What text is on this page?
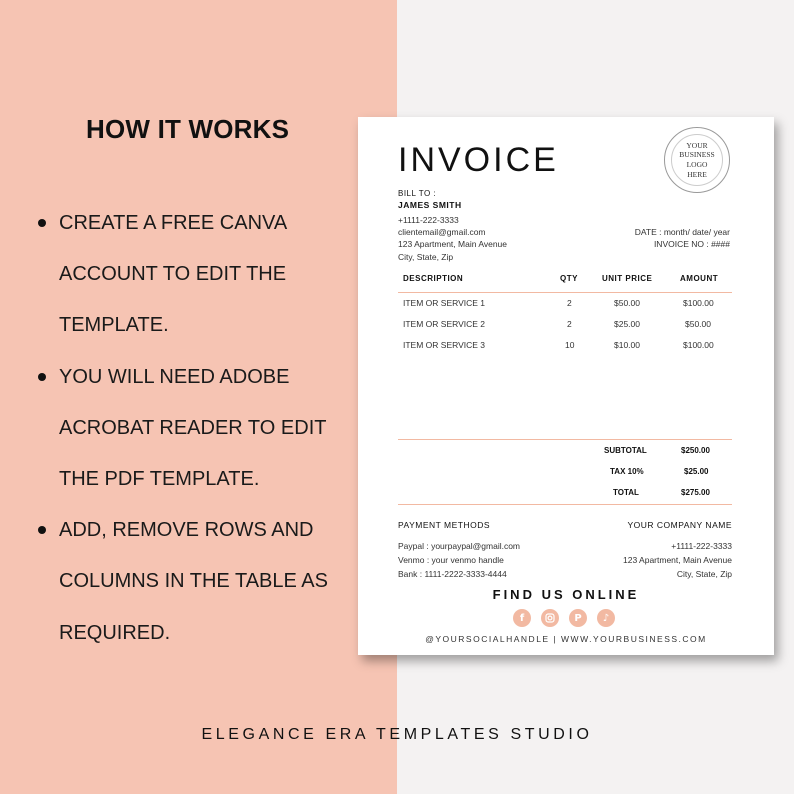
HOW IT WORKS
CREATE A FREE CANVA ACCOUNT TO EDIT THE TEMPLATE.
YOU WILL NEED ADOBE ACROBAT READER TO EDIT THE PDF TEMPLATE.
ADD, REMOVE ROWS AND COLUMNS IN THE TABLE AS REQUIRED.
INVOICE	YOUR BUSINESS LOGO HERE
BILL TO :
JAMES SMITH
+1111-222-3333
clientemail@gmail.com
123 Apartment, Main Avenue
City, State, Zip
DATE : month/ date/ year
INVOICE NO : ####
DESCRIPTION	QTY	UNIT PRICE	AMOUNT
ITEM OR SERVICE 1	2	$50.00	$100.00
ITEM OR SERVICE 2	2	$25.00	$50.00
ITEM OR SERVICE 3	10	$10.00	$100.00
SUBTOTAL	$250.00
TAX 10%	$25.00
TOTAL	$275.00
PAYMENT METHODS
Paypal : yourpaypal@gmail.com
Venmo : your venmo handle
Bank : 1111-2222-3333-4444
YOUR COMPANY NAME
+1111-222-3333
123 Apartment, Main Avenue
City, State, Zip
FIND US ONLINE
f	P	♪
@YOURSOCIALHANDLE | WWW.YOURBUSINESS.COM
ELEGANCE ERA TEMPLATES STUDIO
